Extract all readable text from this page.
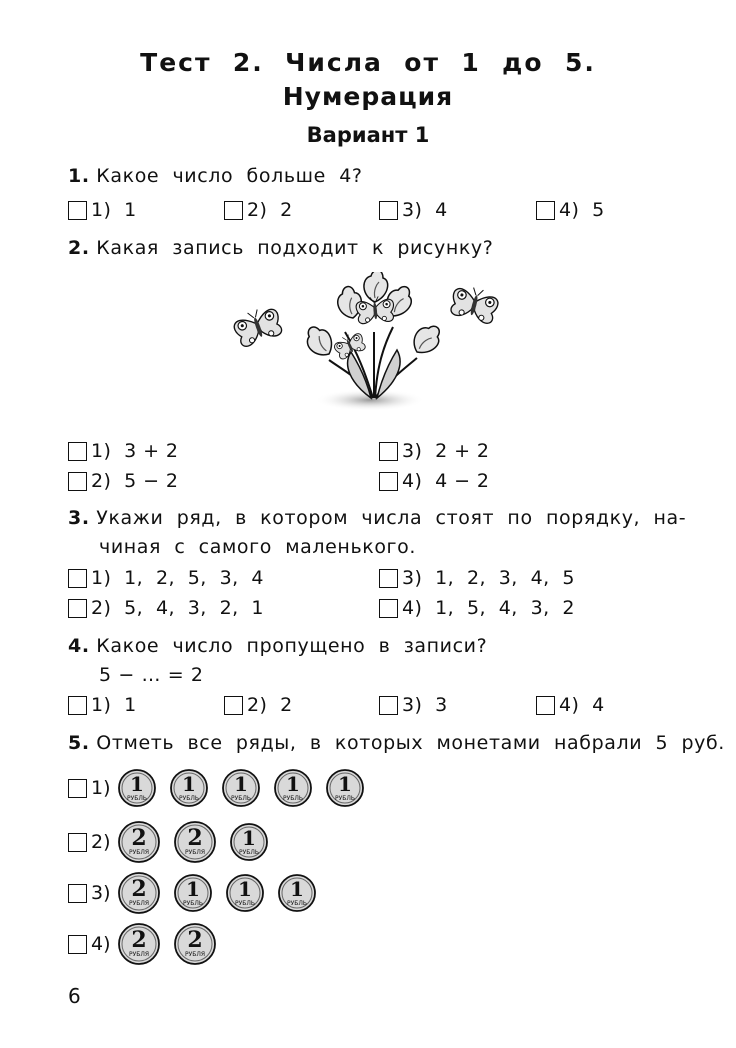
Тест  2.  Числа  от  1  до  5.
Нумерация
Вариант 1
1. Какое  число  больше  4?
1)  1	2)  2	3)  4	4)  5
2. Какая  запись  подходит  к  рисунку?
1)  3 + 2
2)  5 − 2
3)  2 + 2
4)  4 − 2
3. Укажи  ряд,  в  котором  числа  стоят  по  порядку,  на-
чиная  с  самого  маленького.
1)  1,  2,  5,  3,  4
2)  5,  4,  3,  2,  1
3)  1,  2,  3,  4,  5
4)  1,  5,  4,  3,  2
4. Какое  число  пропущено  в  записи?
5 − … = 2
1)  1	2)  2	3)  3	4)  4
5. Отметь  все  ряды,  в  которых  монетами  набрали  5  руб.
1) 1
РУБЛЬ
1
РУБЛЬ
1
РУБЛЬ
1
РУБЛЬ
1
РУБЛЬ
2) 2
РУБЛЯ
2
РУБЛЯ
1
РУБЛЬ
3) 2
РУБЛЯ
1
РУБЛЬ
1
РУБЛЬ
1
РУБЛЬ
4) 2
РУБЛЯ
2
РУБЛЯ
6
